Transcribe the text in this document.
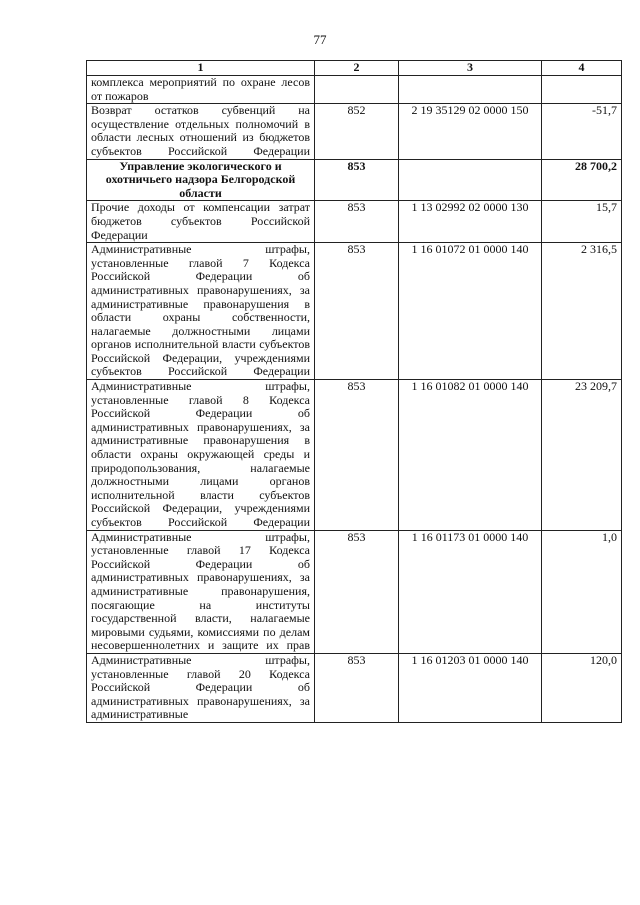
77
1	2	3	4
комплекса мероприятий по охране лесов от пожаров			
Возврат остатков субвенций на осуществление отдельных полномочий в области лесных отношений из бюджетов субъектов Российской Федерации	852	2 19 35129 02 0000 150	-51,7
Управление экологического и охотничьего надзора Белгородской области	853		28 700,2
Прочие доходы от компенсации затрат бюджетов субъектов Российской Федерации	853	1 13 02992 02 0000 130	15,7
Административные штрафы, установленные главой 7 Кодекса Российской Федерации об административных правонарушениях, за административные правонарушения в области охраны собственности, налагаемые должностными лицами органов исполнительной власти субъектов Российской Федерации, учреждениями субъектов Российской Федерации	853	1 16 01072 01 0000 140	2 316,5
Административные штрафы, установленные главой 8 Кодекса Российской Федерации об административных правонарушениях, за административные правонарушения в области охраны окружающей среды и природопользования, налагаемые должностными лицами органов исполнительной власти субъектов Российской Федерации, учреждениями субъектов Российской Федерации	853	1 16 01082 01 0000 140	23 209,7
Административные штрафы, установленные главой 17 Кодекса Российской Федерации об административных правонарушениях, за административные правонарушения, посягающие на институты государственной власти, налагаемые мировыми судьями, комиссиями по делам несовершеннолетних и защите их прав	853	1 16 01173 01 0000 140	1,0
Административные штрафы, установленные главой 20 Кодекса Российской Федерации об административных правонарушениях, за административные	853	1 16 01203 01 0000 140	120,0
